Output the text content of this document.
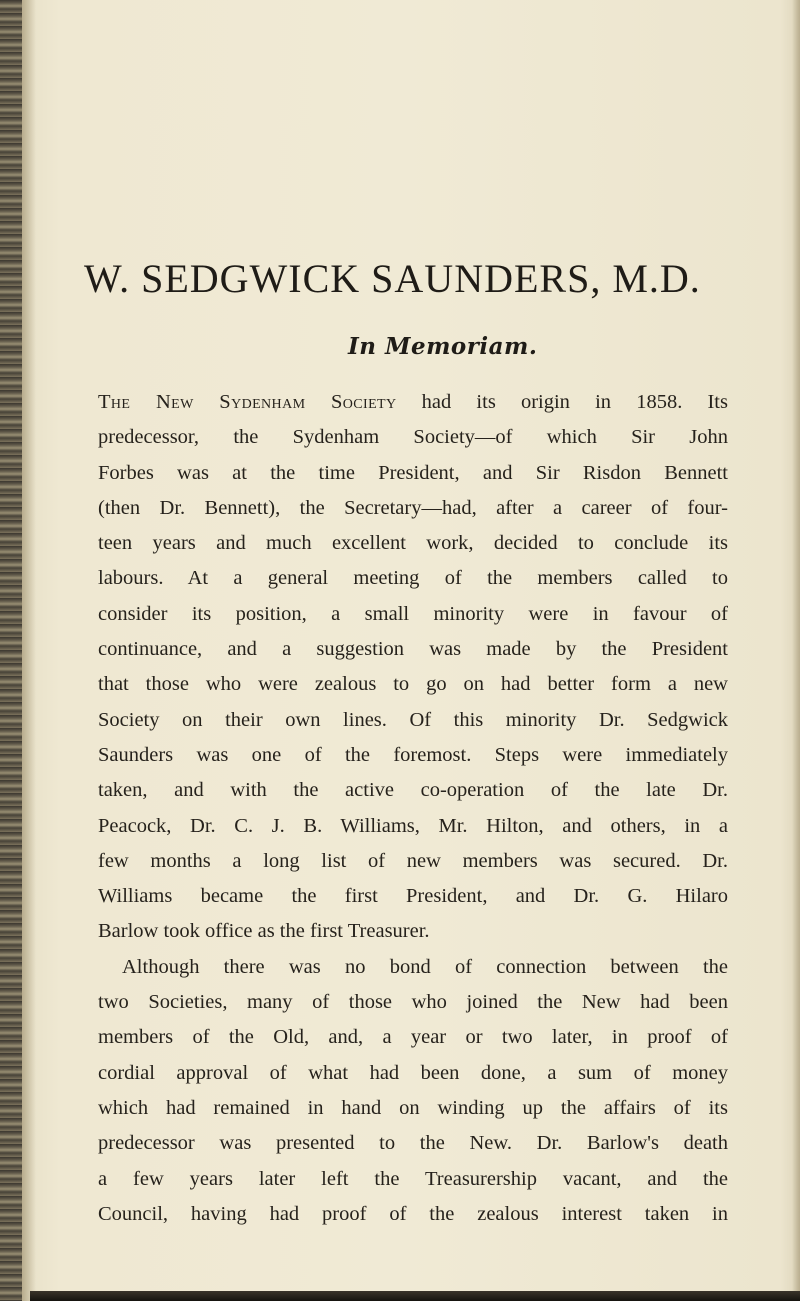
W. SEDGWICK SAUNDERS, M.D.
In Memoriam.
The New Sydenham Society had its origin in 1858. Its
predecessor, the Sydenham Society—of which Sir John
Forbes was at the time President, and Sir Risdon Bennett
(then Dr. Bennett), the Secretary—had, after a career of four-
teen years and much excellent work, decided to conclude its
labours. At a general meeting of the members called to
consider its position, a small minority were in favour of
continuance, and a suggestion was made by the President
that those who were zealous to go on had better form a new
Society on their own lines. Of this minority Dr. Sedgwick
Saunders was one of the foremost. Steps were immediately
taken, and with the active co-operation of the late Dr.
Peacock, Dr. C. J. B. Williams, Mr. Hilton, and others, in a
few months a long list of new members was secured. Dr.
Williams became the first President, and Dr. G. Hilaro
Barlow took office as the first Treasurer.
Although there was no bond of connection between the
two Societies, many of those who joined the New had been
members of the Old, and, a year or two later, in proof of
cordial approval of what had been done, a sum of money
which had remained in hand on winding up the affairs of its
predecessor was presented to the New. Dr. Barlow's death
a few years later left the Treasurership vacant, and the
Council, having had proof of the zealous interest taken in
